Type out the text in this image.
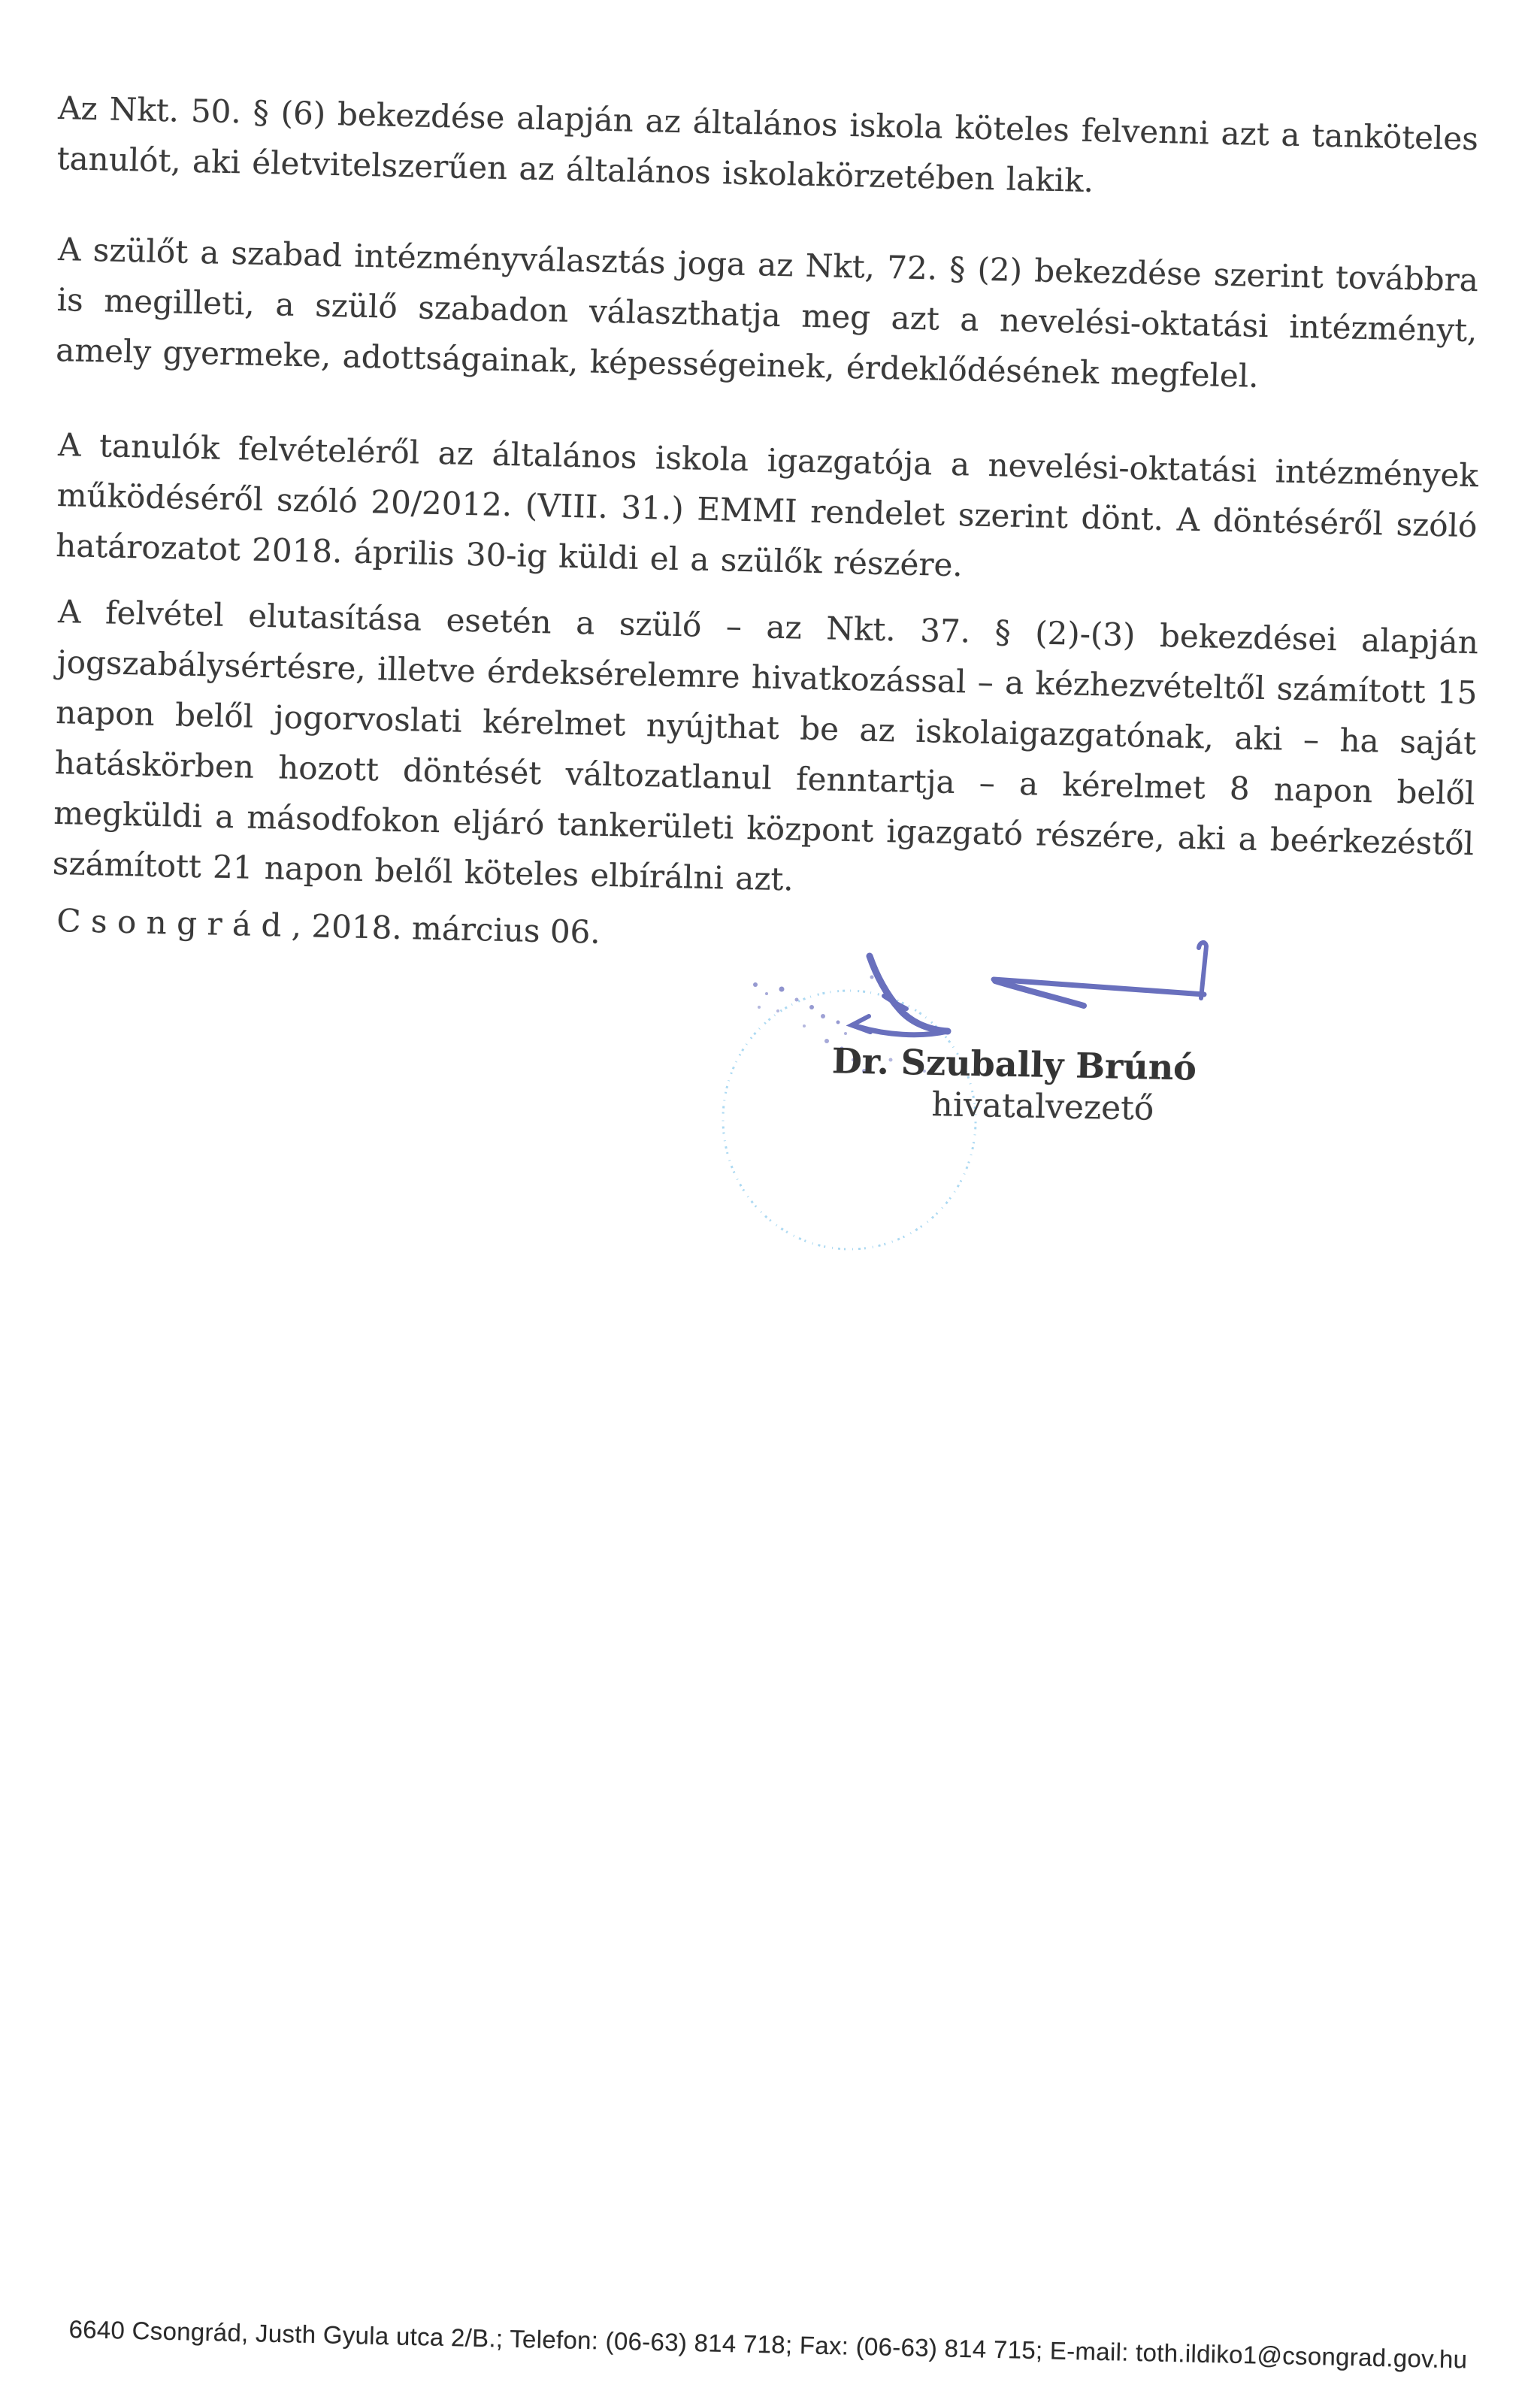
Az Nkt. 50. § (6) bekezdése alapján az általános iskola köteles felvenni azt a tanköteles tanulót, aki életvitelszerűen az általános iskolakörzetében lakik.

A szülőt a szabad intézményválasztás joga az Nkt, 72. § (2) bekezdése szerint továbbra is megilleti, a szülő szabadon választhatja meg azt a nevelési-oktatási intézményt, amely gyermeke, adottságainak, képességeinek, érdeklődésének megfelel.

A tanulók felvételéről az általános iskola igazgatója a nevelési-oktatási intézmények működéséről szóló 20/2012. (VIII. 31.) EMMI rendelet szerint dönt. A döntéséről szóló határozatot 2018. április 30-ig küldi el a szülők részére.

A felvétel elutasítása esetén a szülő – az Nkt. 37. § (2)-(3) bekezdései alapján jogszabálysértésre, illetve érdeksérelemre hivatkozással – a kézhezvételtől számított 15 napon belől jogorvoslati kérelmet nyújthat be az iskolaigazgatónak, aki – ha saját hatáskörben hozott döntését változatlanul fenntartja – a kérelmet 8 napon belől megküldi a másodfokon eljáró tankerületi központ igazgató részére, aki a beérkezéstől számított 21 napon belől köteles elbírálni azt.

Csongrád, 2018. március 06.

Dr. Szubally Brúnó
hivatalvezető

6640 Csongrád, Justh Gyula utca 2/B.; Telefon: (06-63) 814 718; Fax: (06-63) 814 715; E-mail: toth.ildiko1@csongrad.gov.hu
